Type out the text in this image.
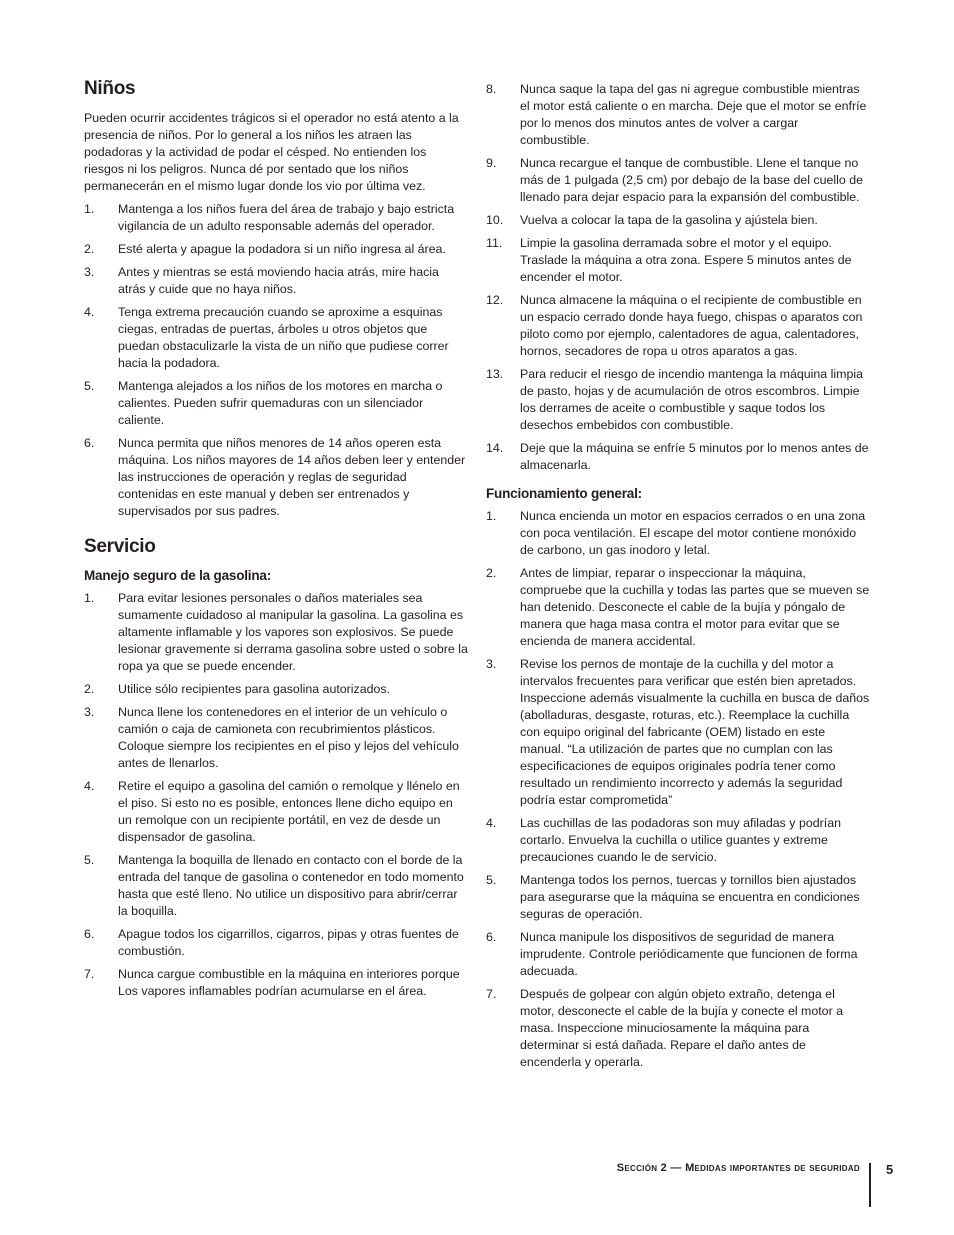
Niños

Pueden ocurrir accidentes trágicos si el operador no está atento a la presencia de niños. Por lo general a los niños les atraen las podadoras y la actividad de podar el césped. No entienden los riesgos ni los peligros. Nunca dé por sentado que los niños permanecerán en el mismo lugar donde los vio por última vez.

1. Mantenga a los niños fuera del área de trabajo y bajo estricta vigilancia de un adulto responsable además del operador.
2. Esté alerta y apague la podadora si un niño ingresa al área.
3. Antes y mientras se está moviendo hacia atrás, mire hacia atrás y cuide que no haya niños.
4. Tenga extrema precaución cuando se aproxime a esquinas ciegas, entradas de puertas, árboles u otros objetos que puedan obstaculizarle la vista de un niño que pudiese correr hacia la podadora.
5. Mantenga alejados a los niños de los motores en marcha o calientes. Pueden sufrir quemaduras con un silenciador caliente.
6. Nunca permita que niños menores de 14 años operen esta máquina. Los niños mayores de 14 años deben leer y entender las instrucciones de operación y reglas de seguridad contenidas en este manual y deben ser entrenados y supervisados por sus padres.
Servicio
Manejo seguro de la gasolina:
1. Para evitar lesiones personales o daños materiales sea sumamente cuidadoso al manipular la gasolina. La gasolina es altamente inflamable y los vapores son explosivos. Se puede lesionar gravemente si derrama gasolina sobre usted o sobre la ropa ya que se puede encender.
2. Utilice sólo recipientes para gasolina autorizados.
3. Nunca llene los contenedores en el interior de un vehículo o camión o caja de camioneta con recubrimientos plásticos. Coloque siempre los recipientes en el piso y lejos del vehículo antes de llenarlos.
4. Retire el equipo a gasolina del camión o remolque y llénelo en el piso. Si esto no es posible, entonces llene dicho equipo en un remolque con un recipiente portátil, en vez de desde un dispensador de gasolina.
5. Mantenga la boquilla de llenado en contacto con el borde de la entrada del tanque de gasolina o contenedor en todo momento hasta que esté lleno. No utilice un dispositivo para abrir/cerrar la boquilla.
6. Apague todos los cigarrillos, cigarros, pipas y otras fuentes de combustión.
7. Nunca cargue combustible en la máquina en interiores porque Los vapores inflamables podrían acumularse en el área.
8. Nunca saque la tapa del gas ni agregue combustible mientras el motor está caliente o en marcha. Deje que el motor se enfríe por lo menos dos minutos antes de volver a cargar combustible.
9. Nunca recargue el tanque de combustible. Llene el tanque no más de 1 pulgada (2,5 cm) por debajo de la base del cuello de llenado para dejar espacio para la expansión del combustible.
10. Vuelva a colocar la tapa de la gasolina y ajústela bien.
11. Limpie la gasolina derramada sobre el motor y el equipo. Traslade la máquina a otra zona. Espere 5 minutos antes de encender el motor.
12. Nunca almacene la máquina o el recipiente de combustible en un espacio cerrado donde haya fuego, chispas o aparatos con piloto como por ejemplo, calentadores de agua, calentadores, hornos, secadores de ropa u otros aparatos a gas.
13. Para reducir el riesgo de incendio mantenga la máquina limpia de pasto, hojas y de acumulación de otros escombros. Limpie los derrames de aceite o combustible y saque todos los desechos embebidos con combustible.
14. Deje que la máquina se enfríe 5 minutos por lo menos antes de almacenarla.
Funcionamiento general:
1. Nunca encienda un motor en espacios cerrados o en una zona con poca ventilación. El escape del motor contiene monóxido de carbono, un gas inodoro y letal.
2. Antes de limpiar, reparar o inspeccionar la máquina, compruebe que la cuchilla y todas las partes que se mueven se han detenido. Desconecte el cable de la bujía y póngalo de manera que haga masa contra el motor para evitar que se encienda de manera accidental.
3. Revise los pernos de montaje de la cuchilla y del motor a intervalos frecuentes para verificar que estén bien apretados. Inspeccione además visualmente la cuchilla en busca de daños (abolladuras, desgaste, roturas, etc.). Reemplace la cuchilla con equipo original del fabricante (OEM) listado en este manual. “La utilización de partes que no cumplan con las especificaciones de equipos originales podría tener como resultado un rendimiento incorrecto y además la seguridad podría estar comprometida”
4. Las cuchillas de las podadoras son muy afiladas y podrían cortarlo. Envuelva la cuchilla o utilice guantes y extreme precauciones cuando le de servicio.
5. Mantenga todos los pernos, tuercas y tornillos bien ajustados para asegurarse que la máquina se encuentra en condiciones seguras de operación.
6. Nunca manipule los dispositivos de seguridad de manera imprudente. Controle periódicamente que funcionen de forma adecuada.
7. Después de golpear con algún objeto extraño, detenga el motor, desconecte el cable de la bujía y conecte el motor a masa. Inspeccione minuciosamente la máquina para determinar si está dañada. Repare el daño antes de encenderla y operarla.
Sección 2 — Medidas importantes de seguridad 5
